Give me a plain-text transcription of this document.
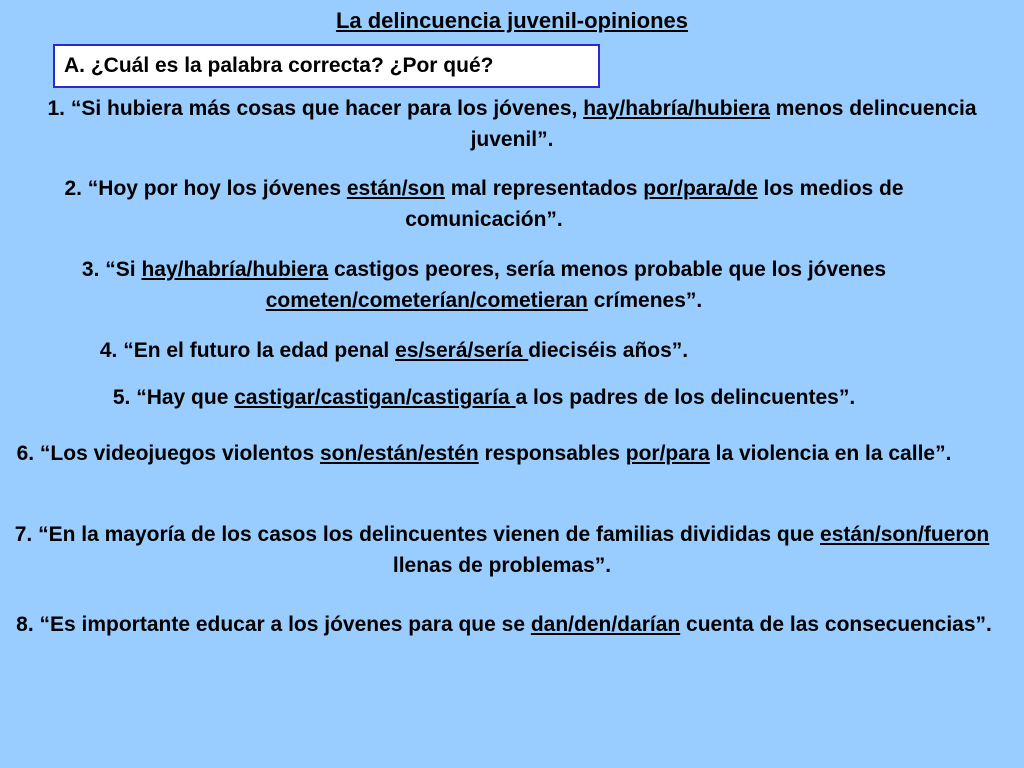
La delincuencia juvenil-opiniones
A. ¿Cuál es la palabra correcta? ¿Por qué?
1. “Si hubiera más cosas que hacer para los jóvenes, hay/habría/hubiera menos delincuencia juvenil”.
2. “Hoy por hoy los jóvenes están/son mal representados por/para/de los medios de comunicación”.
3. “Si hay/habría/hubiera castigos peores, sería menos probable que los jóvenes cometen/cometerían/cometieran crímenes”.
4. “En el futuro la edad penal es/será/sería dieciséis años”.
5. “Hay que castigar/castigan/castigaría a los padres de los delincuentes”.
6. “Los videojuegos violentos son/están/estén responsables por/para la violencia en la calle”.
7. “En la mayoría de los casos los delincuentes vienen de familias divididas que están/son/fueron llenas de problemas”.
8. “Es importante educar a los jóvenes para que se dan/den/darían cuenta de las consecuencias”.
